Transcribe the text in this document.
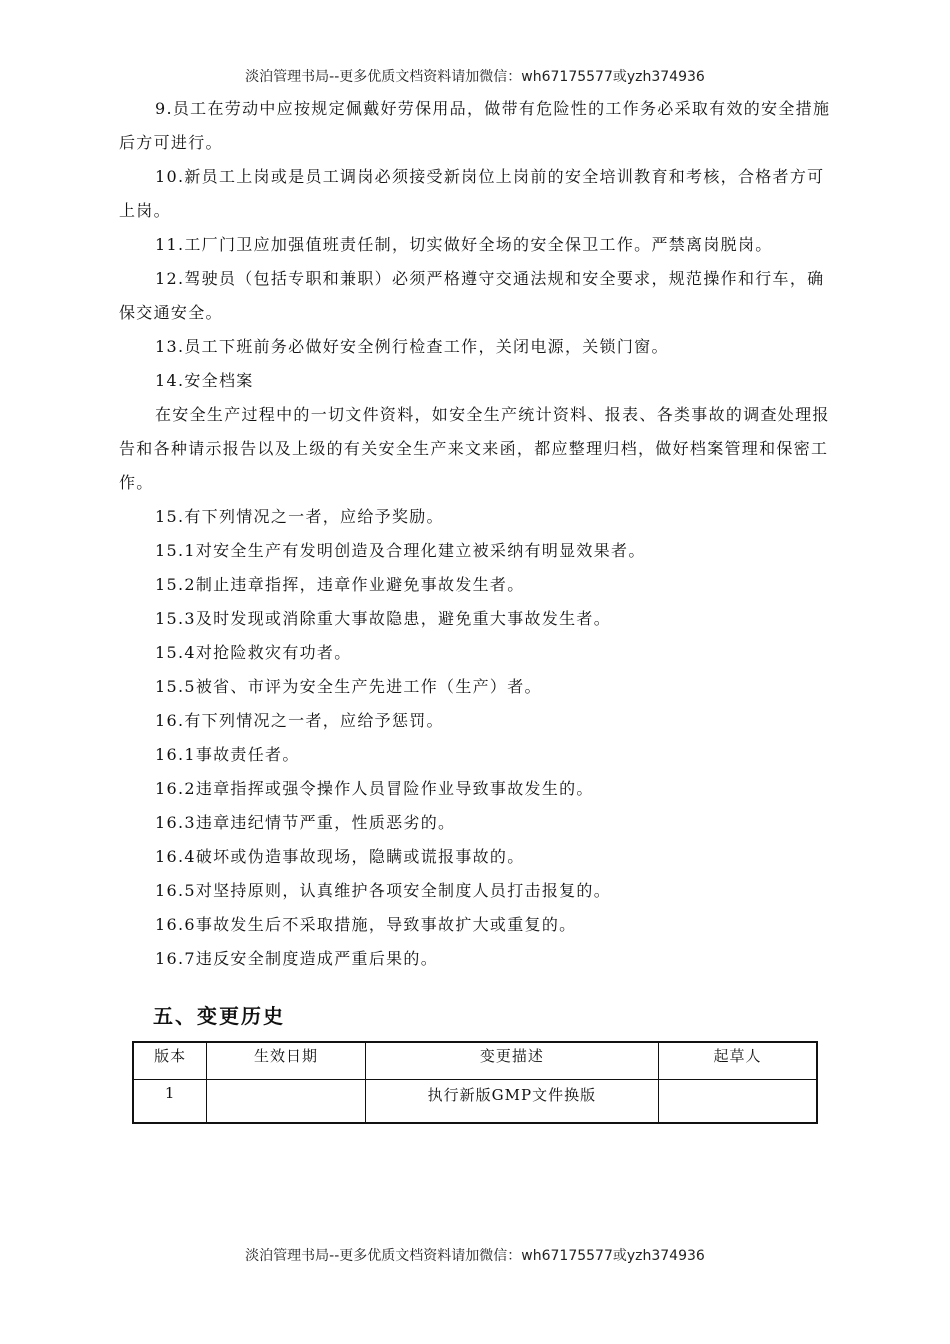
淡泊管理书局--更多优质文档资料请加微信：wh67175577或yzh374936

9.员工在劳动中应按规定佩戴好劳保用品，做带有危险性的工作务必采取有效的安全措施后方可进行。

10.新员工上岗或是员工调岗必须接受新岗位上岗前的安全培训教育和考核，合格者方可上岗。

11.工厂门卫应加强值班责任制，切实做好全场的安全保卫工作。严禁离岗脱岗。

12.驾驶员（包括专职和兼职）必须严格遵守交通法规和安全要求，规范操作和行车，确保交通安全。

13.员工下班前务必做好安全例行检查工作，关闭电源，关锁门窗。

14.安全档案

在安全生产过程中的一切文件资料，如安全生产统计资料、报表、各类事故的调查处理报告和各种请示报告以及上级的有关安全生产来文来函，都应整理归档，做好档案管理和保密工作。

15.有下列情况之一者，应给予奖励。

15.1对安全生产有发明创造及合理化建立被采纳有明显效果者。

15.2制止违章指挥，违章作业避免事故发生者。

15.3及时发现或消除重大事故隐患，避免重大事故发生者。

15.4对抢险救灾有功者。

15.5被省、市评为安全生产先进工作（生产）者。

16.有下列情况之一者，应给予惩罚。

16.1事故责任者。

16.2违章指挥或强令操作人员冒险作业导致事故发生的。

16.3违章违纪情节严重，性质恶劣的。

16.4破坏或伪造事故现场，隐瞒或谎报事故的。

16.5对坚持原则，认真维护各项安全制度人员打击报复的。

16.6事故发生后不采取措施，导致事故扩大或重复的。

16.7违反安全制度造成严重后果的。

五、变更历史
版本	生效日期	变更描述	起草人
1		执行新版GMP文件换版	
淡泊管理书局--更多优质文档资料请加微信：wh67175577或yzh374936
